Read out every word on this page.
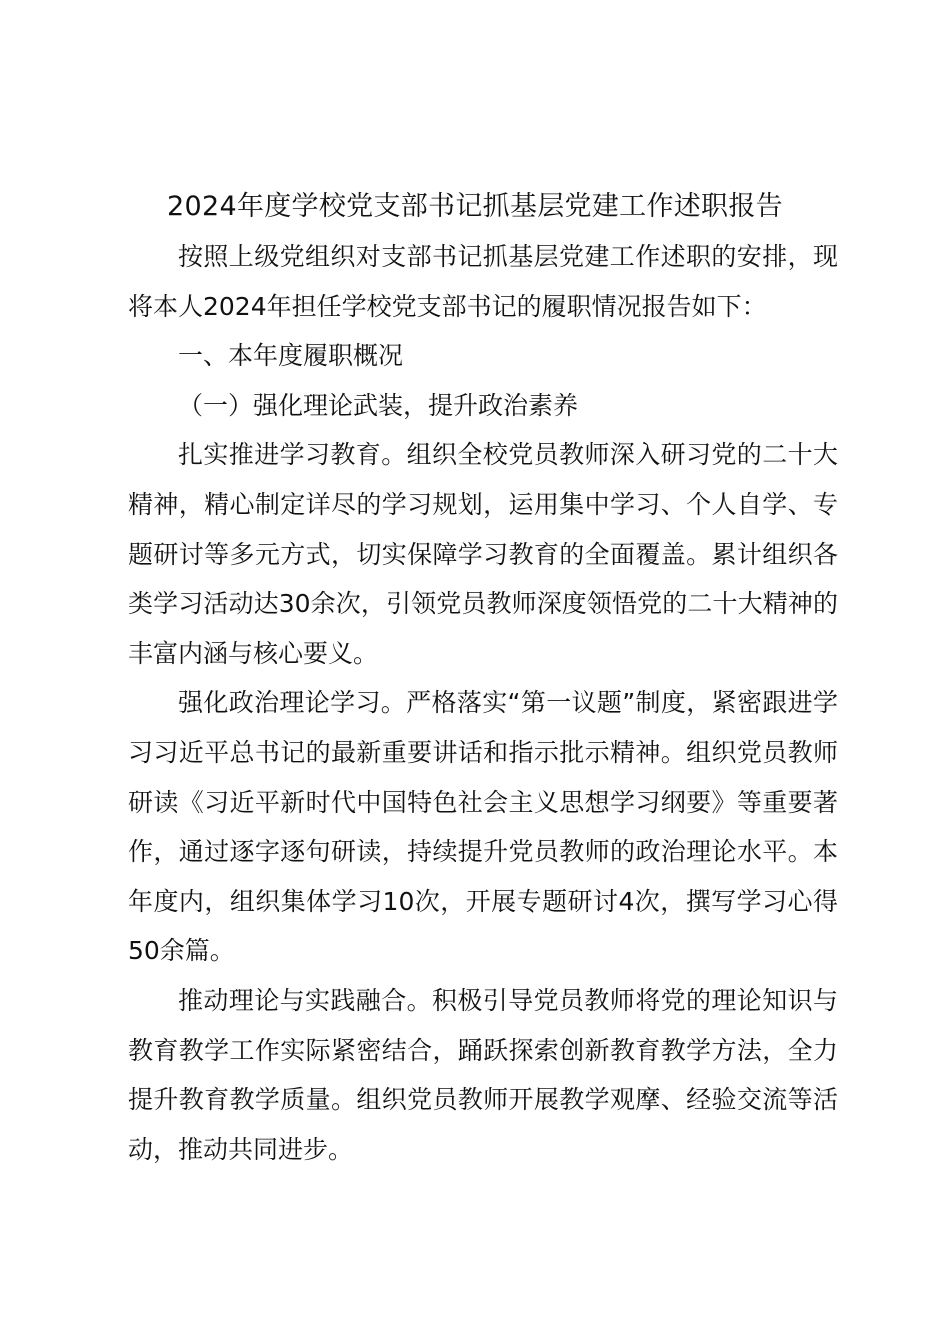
2024年度学校党支部书记抓基层党建工作述职报告

按照上级党组织对支部书记抓基层党建工作述职的安排，现将本人2024年担任学校党支部书记的履职情况报告如下：

一、本年度履职概况

（一）强化理论武装，提升政治素养

扎实推进学习教育。组织全校党员教师深入研习党的二十大精神，精心制定详尽的学习规划，运用集中学习、个人自学、专题研讨等多元方式，切实保障学习教育的全面覆盖。累计组织各类学习活动达30余次，引领党员教师深度领悟党的二十大精神的丰富内涵与核心要义。

强化政治理论学习。严格落实“第一议题”制度，紧密跟进学习习近平总书记的最新重要讲话和指示批示精神。组织党员教师研读《习近平新时代中国特色社会主义思想学习纲要》等重要著作，通过逐字逐句研读，持续提升党员教师的政治理论水平。本年度内，组织集体学习10次，开展专题研讨4次，撰写学习心得50余篇。

推动理论与实践融合。积极引导党员教师将党的理论知识与教育教学工作实际紧密结合，踊跃探索创新教育教学方法，全力提升教育教学质量。组织党员教师开展教学观摩、经验交流等活动，推动共同进步。
